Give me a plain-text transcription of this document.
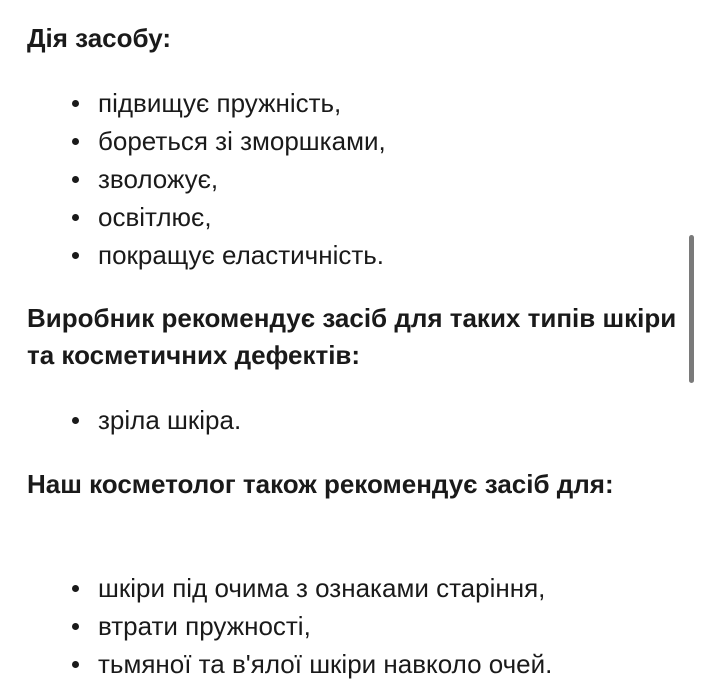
Дія засобу:
підвищує пружність,
бореться зі зморшками,
зволожує,
освітлює,
покращує еластичність.
Виробник рекомендує засіб для таких типів шкіри та косметичних дефектів:
зріла шкіра.
Наш косметолог також рекомендує засіб для:
шкіри під очима з ознаками старіння,
втрати пружності,
тьмяної та в'ялої шкіри навколо очей.
